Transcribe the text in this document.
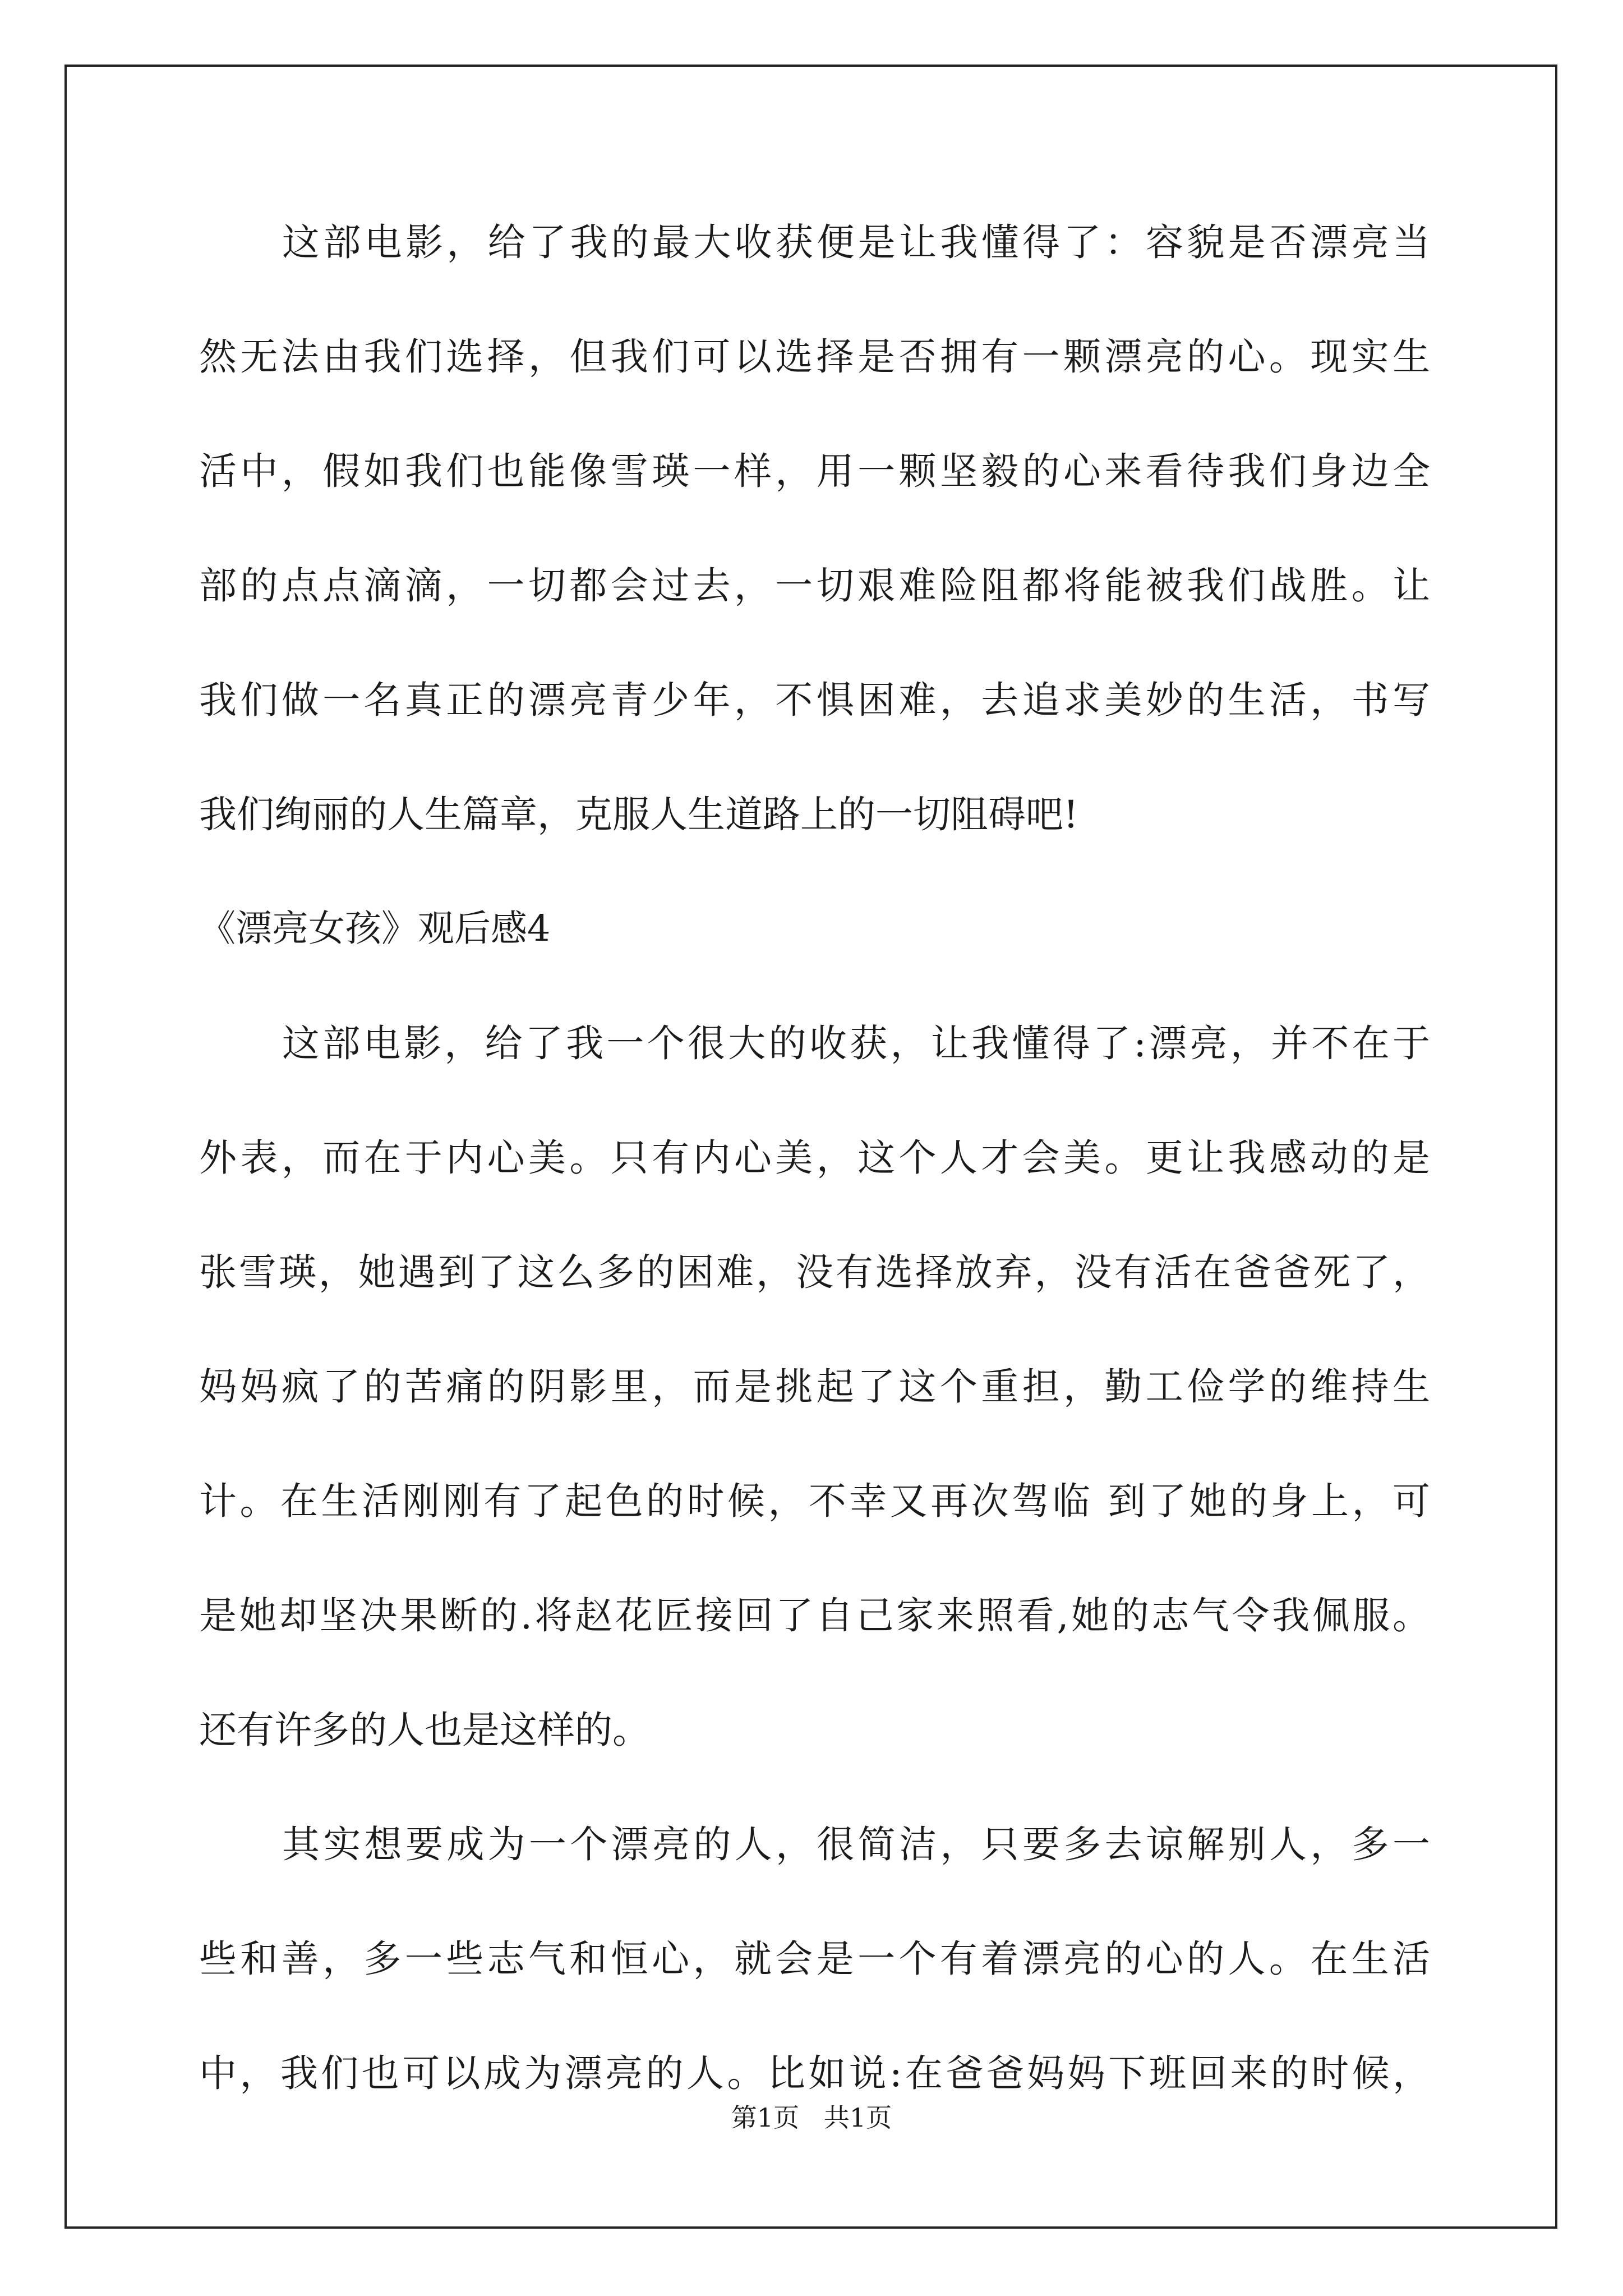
这部电影，给了我的最大收获便是让我懂得了：容貌是否漂亮当
然无法由我们选择，但我们可以选择是否拥有一颗漂亮的心。现实生
活中，假如我们也能像雪瑛一样，用一颗坚毅的心来看待我们身边全
部的点点滴滴，一切都会过去，一切艰难险阻都将能被我们战胜。让
我们做一名真正的漂亮青少年，不惧困难，去追求美妙的生活，书写
我们绚丽的人生篇章，克服人生道路上的一切阻碍吧!
《漂亮女孩》观后感4
这部电影，给了我一个很大的收获，让我懂得了:漂亮，并不在于
外表，而在于内心美。只有内心美，这个人才会美。更让我感动的是
张雪瑛，她遇到了这么多的困难，没有选择放弃，没有活在爸爸死了，
妈妈疯了的苦痛的阴影里，而是挑起了这个重担，勤工俭学的维持生
计。在生活刚刚有了起色的时候，不幸又再次驾临 到了她的身上，可
是她却坚决果断的.将赵花匠接回了自己家来照看,她的志气令我佩服。
还有许多的人也是这样的。
其实想要成为一个漂亮的人，很简洁，只要多去谅解别人，多一
些和善，多一些志气和恒心，就会是一个有着漂亮的心的人。在生活
中，我们也可以成为漂亮的人。比如说:在爸爸妈妈下班回来的时候，
第1页   共1页
